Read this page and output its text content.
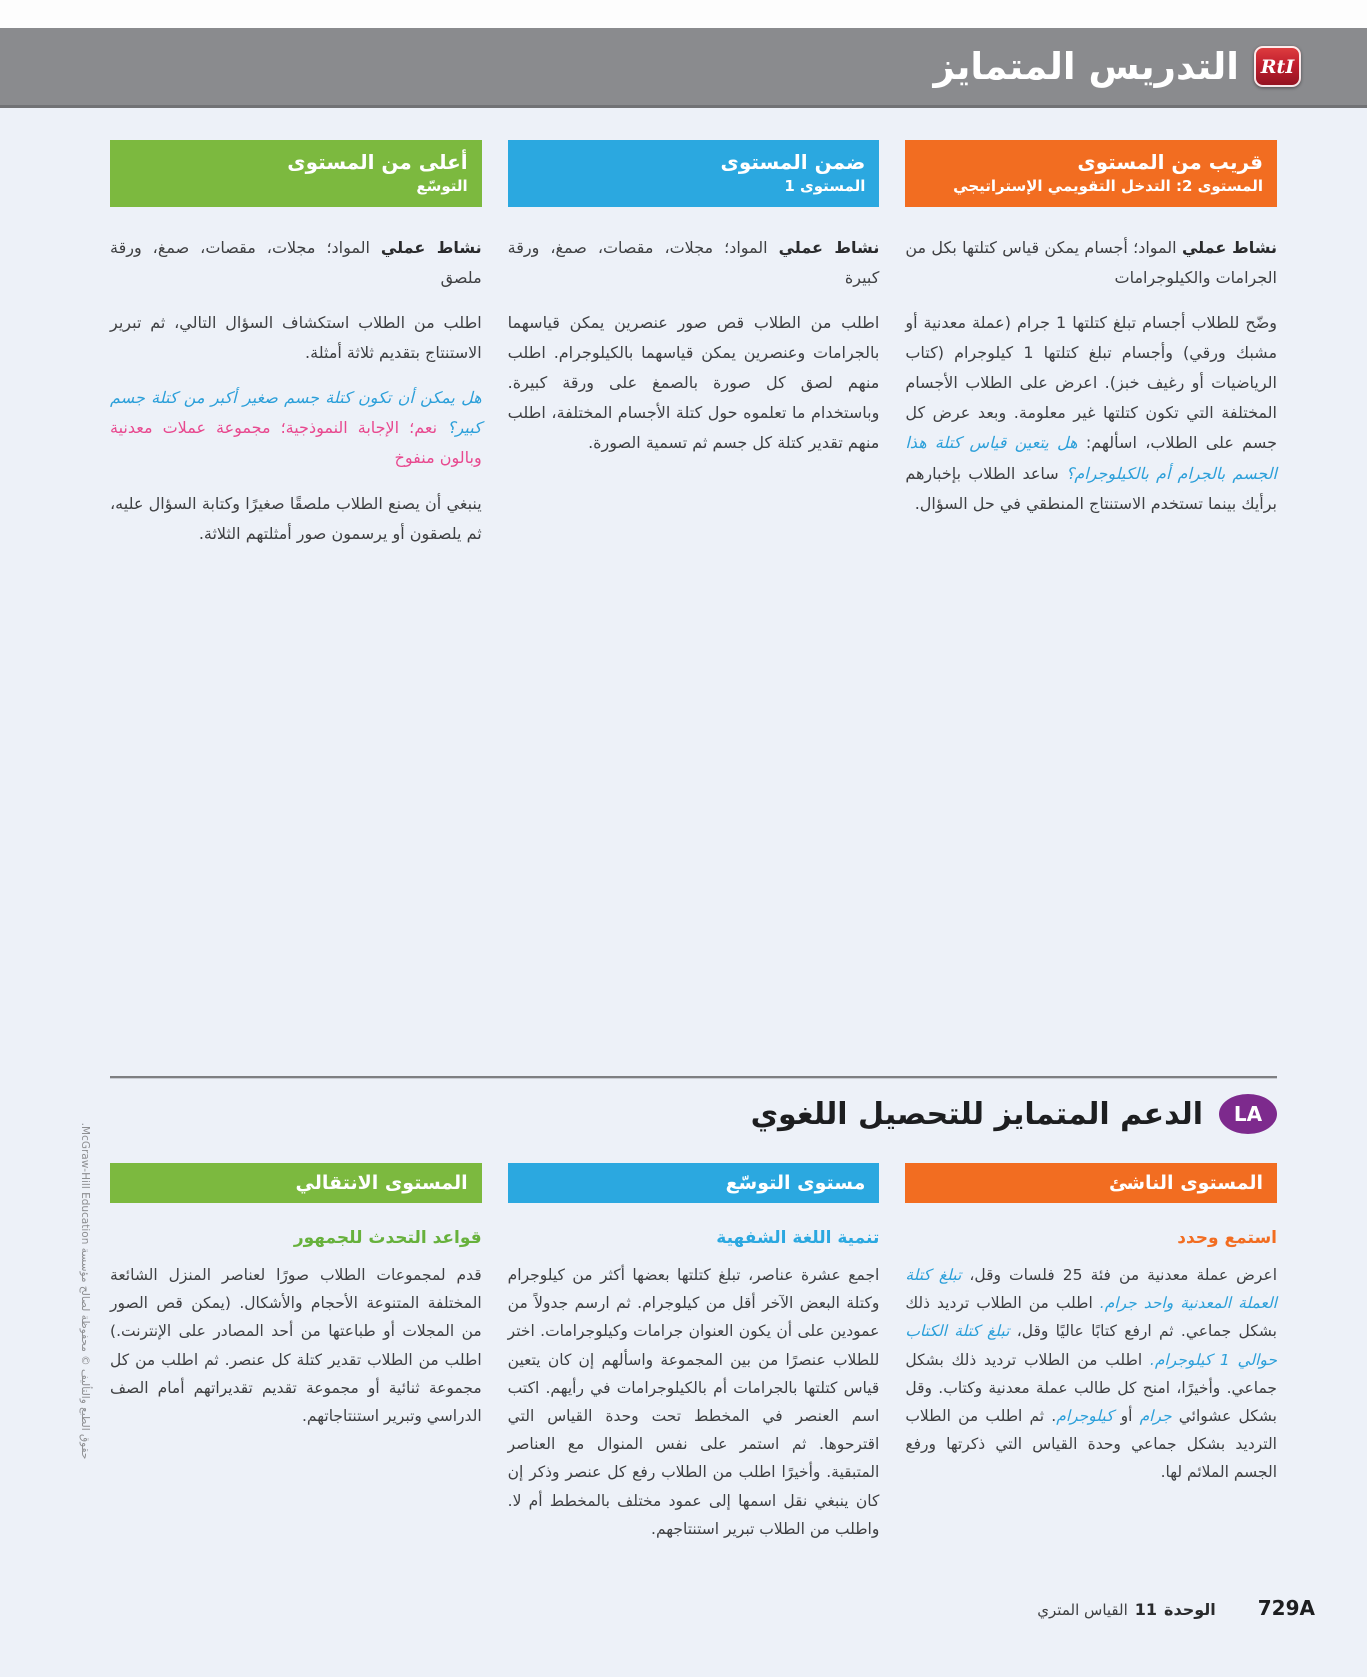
RtI
التدريس المتمايز
قريب من المستوى
المستوى 2: التدخل التقويمي الإستراتيجي

نشاط عملي المواد؛ أجسام يمكن قياس كتلتها بكل من الجرامات والكيلوجرامات

وضّح للطلاب أجسام تبلغ كتلتها 1 جرام (عملة معدنية أو مشبك ورقي) وأجسام تبلغ كتلتها 1 كيلوجرام (كتاب الرياضيات أو رغيف خبز). اعرض على الطلاب الأجسام المختلفة التي تكون كتلتها غير معلومة. وبعد عرض كل جسم على الطلاب، اسألهم: هل يتعين قياس كتلة هذا الجسم بالجرام أم بالكيلوجرام؟ ساعد الطلاب بإخبارهم برأيك بينما تستخدم الاستنتاج المنطقي في حل السؤال.

ضمن المستوى
المستوى 1

نشاط عملي المواد؛ مجلات، مقصات، صمغ، ورقة كبيرة

اطلب من الطلاب قص صور عنصرين يمكن قياسهما بالجرامات وعنصرين يمكن قياسهما بالكيلوجرام. اطلب منهم لصق كل صورة بالصمغ على ورقة كبيرة. وباستخدام ما تعلموه حول كتلة الأجسام المختلفة، اطلب منهم تقدير كتلة كل جسم ثم تسمية الصورة.

أعلى من المستوى
التوسّع

نشاط عملي المواد؛ مجلات، مقصات، صمغ، ورقة ملصق

اطلب من الطلاب استكشاف السؤال التالي، ثم تبرير الاستنتاج بتقديم ثلاثة أمثلة.

هل يمكن أن تكون كتلة جسم صغير أكبر من كتلة جسم كبير؟ نعم؛ الإجابة النموذجية؛ مجموعة عملات معدنية وبالون منفوخ

ينبغي أن يصنع الطلاب ملصقًا صغيرًا وكتابة السؤال عليه، ثم يلصقون أو يرسمون صور أمثلتهم الثلاثة.

LA
الدعم المتمايز للتحصيل اللغوي
المستوى الناشئ
استمع وحدد

اعرض عملة معدنية من فئة 25 فلسات وقل، تبلغ كتلة العملة المعدنية واحد جرام. اطلب من الطلاب ترديد ذلك بشكل جماعي. ثم ارفع كتابًا عاليًا وقل، تبلغ كتلة الكتاب حوالي 1 كيلوجرام. اطلب من الطلاب ترديد ذلك بشكل جماعي. وأخيرًا، امنح كل طالب عملة معدنية وكتاب. وقل بشكل عشوائي جرام أو كيلوجرام. ثم اطلب من الطلاب الترديد بشكل جماعي وحدة القياس التي ذكرتها ورفع الجسم الملائم لها.

مستوى التوسّع
تنمية اللغة الشفهية

اجمع عشرة عناصر، تبلغ كتلتها بعضها أكثر من كيلوجرام وكتلة البعض الآخر أقل من كيلوجرام. ثم ارسم جدولاً من عمودين على أن يكون العنوان جرامات وكيلوجرامات. اختر للطلاب عنصرًا من بين المجموعة واسألهم إن كان يتعين قياس كتلتها بالجرامات أم بالكيلوجرامات في رأيهم. اكتب اسم العنصر في المخطط تحت وحدة القياس التي اقترحوها. ثم استمر على نفس المنوال مع العناصر المتبقية. وأخيرًا اطلب من الطلاب رفع كل عنصر وذكر إن كان ينبغي نقل اسمها إلى عمود مختلف بالمخطط أم لا. واطلب من الطلاب تبرير استنتاجهم.

المستوى الانتقالي
قواعد التحدث للجمهور

قدم لمجموعات الطلاب صورًا لعناصر المنزل الشائعة المختلفة المتنوعة الأحجام والأشكال. (يمكن قص الصور من المجلات أو طباعتها من أحد المصادر على الإنترنت.) اطلب من الطلاب تقدير كتلة كل عنصر. ثم اطلب من كل مجموعة ثنائية أو مجموعة تقديم تقديراتهم أمام الصف الدراسي وتبرير استنتاجاتهم.

729A
الوحدة
11
القياس المتري
حقوق الطبع والتأليف © محفوظة لصالح مؤسسة McGraw-Hill Education.
